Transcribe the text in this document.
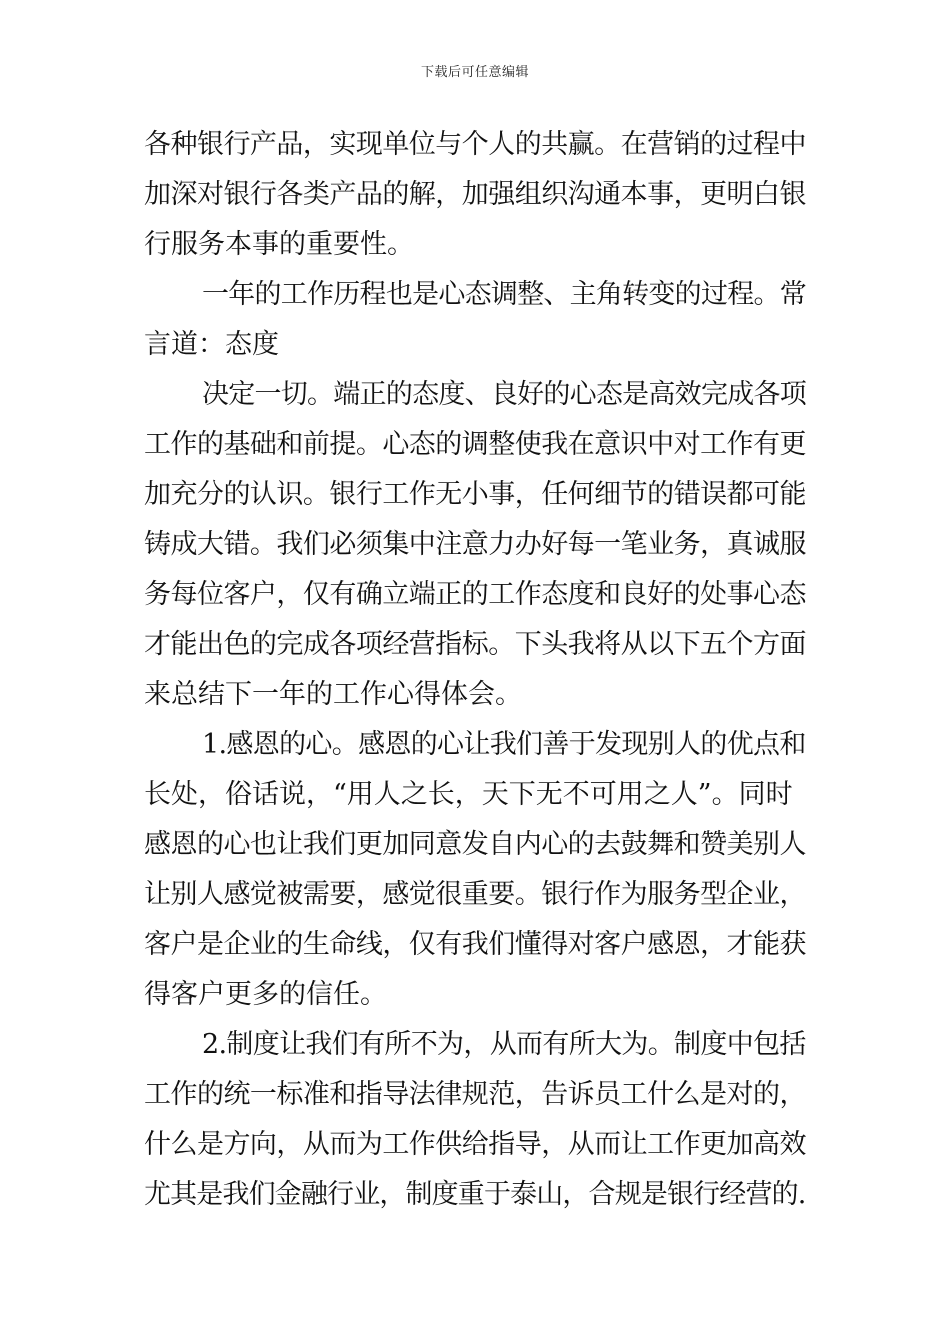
下载后可任意编辑
各种银行产品，实现单位与个人的共赢。在营销的过程中
加深对银行各类产品的解，加强组织沟通本事，更明白银
行服务本事的重要性。
一年的工作历程也是心态调整、主角转变的过程。常
言道：态度
决定一切。端正的态度、良好的心态是高效完成各项
工作的基础和前提。心态的调整使我在意识中对工作有更
加充分的认识。银行工作无小事，任何细节的错误都可能
铸成大错。我们必须集中注意力办好每一笔业务，真诚服
务每位客户，仅有确立端正的工作态度和良好的处事心态
才能出色的完成各项经营指标。下头我将从以下五个方面
来总结下一年的工作心得体会。
1.感恩的心。感恩的心让我们善于发现别人的优点和
长处，俗话说，“用人之长，天下无不可用之人”。同时
感恩的心也让我们更加同意发自内心的去鼓舞和赞美别人
让别人感觉被需要，感觉很重要。银行作为服务型企业，
客户是企业的生命线，仅有我们懂得对客户感恩，才能获
得客户更多的信任。
2.制度让我们有所不为，从而有所大为。制度中包括
工作的统一标准和指导法律规范，告诉员工什么是对的，
什么是方向，从而为工作供给指导，从而让工作更加高效
尤其是我们金融行业，制度重于泰山，合规是银行经营的.
